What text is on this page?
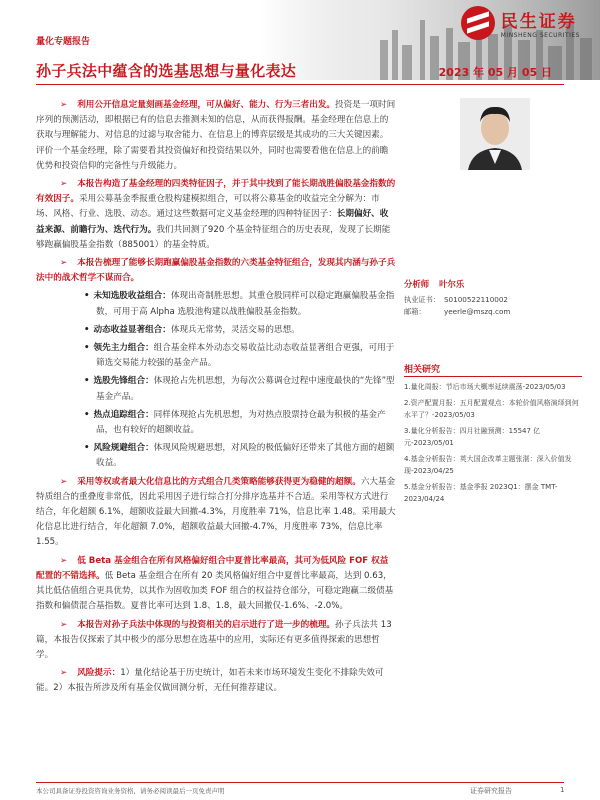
量化专题报告
孙子兵法中蕴含的选基思想与量化表达	2023 年 05 月 05 日
民生证券
MINSHENG SECURITIES
➢ 利用公开信息定量刻画基金经理，可从偏好、能力、行为三者出发。投资是一项时间序列的预测活动，即根据已有的信息去推测未知的信息，从而获得报酬。基金经理在信息上的获取与理解能力、对信息的过滤与取舍能力、在信息上的博弈层级是其成功的三大关键因素。评价一个基金经理，除了需要看其投资偏好和投资结果以外，同时也需要看他在信息上的前瞻优势和投资信仰的完备性与升级能力。
➢ 本报告构造了基金经理的四类特征因子，并于其中找到了能长期战胜偏股基金指数的有效因子。采用公募基金季报重仓股构建模拟组合，可以将公募基金的收益完全分解为：市场、风格、行业、选股、动态。通过这些数据可定义基金经理的四种特征因子：长期偏好、收益来源、前瞻行为、迭代行为。我们共回测了920 个基金特征组合的历史表现，发现了长期能够跑赢偏股基金指数（885001）的基金特质。
➢ 本报告梳理了能够长期跑赢偏股基金指数的六类基金特征组合，发现其内涵与孙子兵法中的战术哲学不谋而合。
• 未知选股收益组合：体现出奇制胜思想。其重仓股同样可以稳定跑赢偏股基金指数，可用于高 Alpha 选股池构建以战胜偏股基金指数。
• 动态收益显著组合：体现兵无常势，灵活交易的思想。
• 领先主力组合：组合基金样本外动态交易收益比动态收益显著组合更强，可用于筛选交易能力较强的基金产品。
• 选股先锋组合：体现抢占先机思想，为每次公募调仓过程中速度最快的“先锋”型基金产品。
• 热点追踪组合：同样体现抢占先机思想，为对热点股票持仓最为积极的基金产品，也有较好的超额收益。
• 风险规避组合：体现风险规避思想，对风险的极低偏好还带来了其他方面的超额收益。
➢ 采用等权或者最大化信息比的方式组合几类策略能够获得更为稳健的超额。六大基金特质组合的重叠度非常低，因此采用因子进行综合打分排序选基并不合适。采用等权方式进行结合，年化超额 6.1%，超额收益最大回撤-4.3%，月度胜率 71%，信息比率 1.48。采用最大化信息比进行结合，年化超额 7.0%，超额收益最大回撤-4.7%，月度胜率 73%，信息比率 1.55。
➢ 低 Beta 基金组合在所有风格偏好组合中夏普比率最高，其可为低风险 FOF 权益配置的不错选择。低 Beta 基金组合在所有 20 类风格偏好组合中夏普比率最高，达到 0.63，其比低估值组合更具优势，以其作为固收加类 FOF 组合的权益持仓部分，可稳定跑赢二级债基指数和偏债混合基指数。夏普比率可达到 1.8、1.8，最大回撤仅-1.6%、-2.0%。
➢ 本报告对孙子兵法中体现的与投资相关的启示进行了进一步的梳理。孙子兵法共 13 篇，本报告仅探索了其中极少的部分思想在选基中的应用，实际还有更多值得探索的思想哲学。
➢ 风险提示：1）量化结论基于历史统计，如若未来市场环境发生变化不排除失效可能。2）本报告所涉及所有基金仅做回测分析，无任何推荐建议。
分析师 叶尔乐
执业证书： S0100522110002
邮箱：	yeerle@mszq.com
相关研究
1.量化周报：节后市场大概率延续震荡-2023/05/03
2.资产配置月报：五月配置观点：本轮价值风格演绎到何水平了？-2023/05/03
3.量化分析报告：四月社融预测：15547 亿元-2023/05/01
4.基金分析报告：英大国企改革主题张湛：深入价值发现-2023/04/25
5.基金分析报告：基金季报 2023Q1：摆金 TMT-2023/04/24
本公司具备证券投资咨询业务资格，请务必阅读最后一页免责声明	证券研究报告	1
